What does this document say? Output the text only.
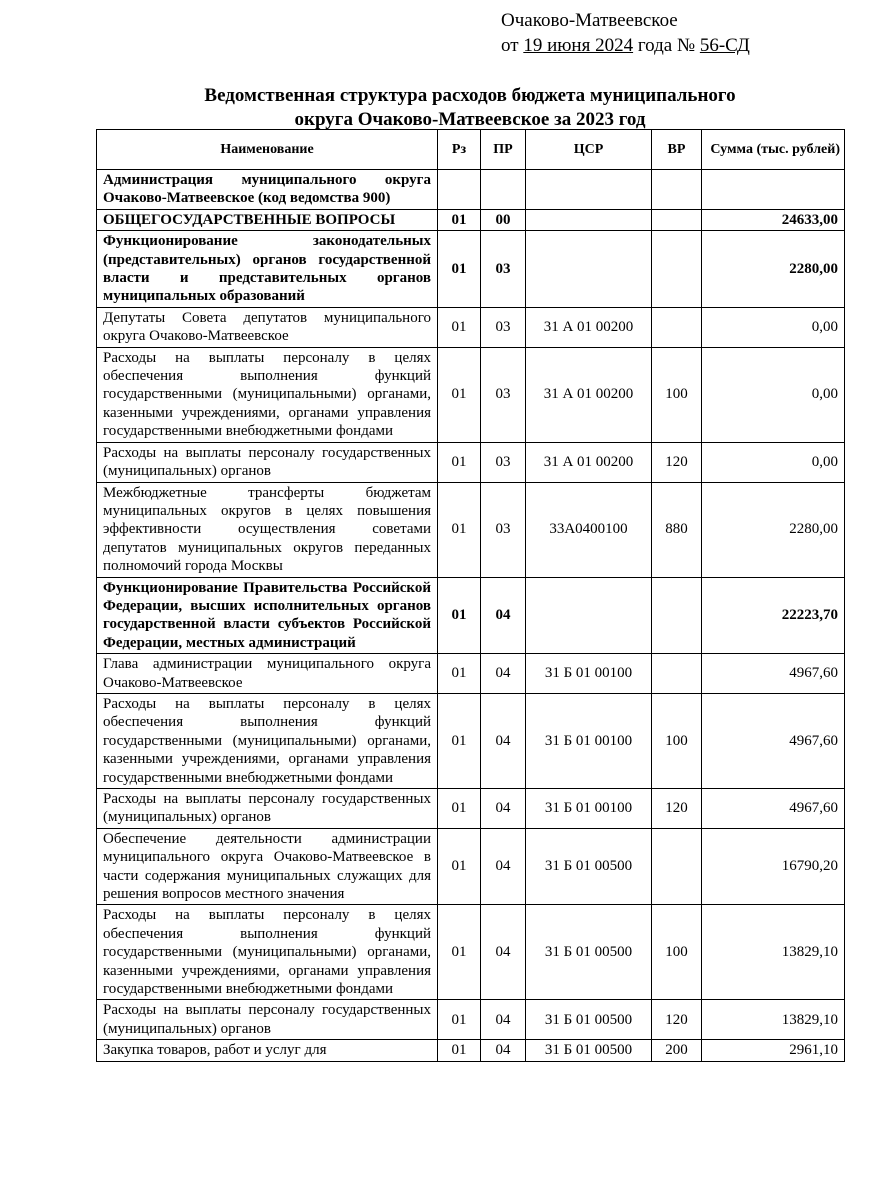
Очаково-Матвеевское
от 19 июня 2024 года № 56-СД
Ведомственная структура расходов бюджета муниципального
округа Очаково-Матвеевское за 2023 год
Наименование	Рз	ПР	ЦСР	ВР	Сумма (тыс. рублей)

Администрация муниципального округа Очаково-Матвеевское (код ведомства 900)					
ОБЩЕГОСУДАРСТВЕННЫЕ ВОПРОСЫ	01	00			24633,00
Функционирование законодательных (представительных) органов государственной власти и представительных органов муниципальных образований	01	03			2280,00
Депутаты Совета депутатов муниципального округа Очаково-Матвеевское	01	03	31 А 01 00200		0,00
Расходы на выплаты персоналу в целях обеспечения выполнения функций государственными (муниципальными) органами, казенными учреждениями, органами управления государственными внебюджетными фондами	01	03	31 А 01 00200	100	0,00
Расходы на выплаты персоналу государственных (муниципальных) органов	01	03	31 А 01 00200	120	0,00
Межбюджетные трансферты бюджетам муниципальных округов в целях повышения эффективности осуществления советами депутатов муниципальных округов переданных полномочий города Москвы	01	03	33А0400100	880	2280,00
Функционирование Правительства Российской Федерации, высших исполнительных органов государственной власти субъектов Российской Федерации, местных администраций	01	04			22223,70
Глава администрации муниципального округа Очаково-Матвеевское	01	04	31 Б 01 00100		4967,60
Расходы на выплаты персоналу в целях обеспечения выполнения функций государственными (муниципальными) органами, казенными учреждениями, органами управления государственными внебюджетными фондами	01	04	31 Б 01 00100	100	4967,60
Расходы на выплаты персоналу государственных (муниципальных) органов	01	04	31 Б 01 00100	120	4967,60
Обеспечение деятельности администрации муниципального округа Очаково-Матвеевское в части содержания муниципальных служащих для решения вопросов местного значения	01	04	31 Б 01 00500		16790,20
Расходы на выплаты персоналу в целях обеспечения выполнения функций государственными (муниципальными) органами, казенными учреждениями, органами управления государственными внебюджетными фондами	01	04	31 Б 01 00500	100	13829,10
Расходы на выплаты персоналу государственных (муниципальных) органов	01	04	31 Б 01 00500	120	13829,10
Закупка товаров, работ и услуг для	01	04	31 Б 01 00500	200	2961,10
